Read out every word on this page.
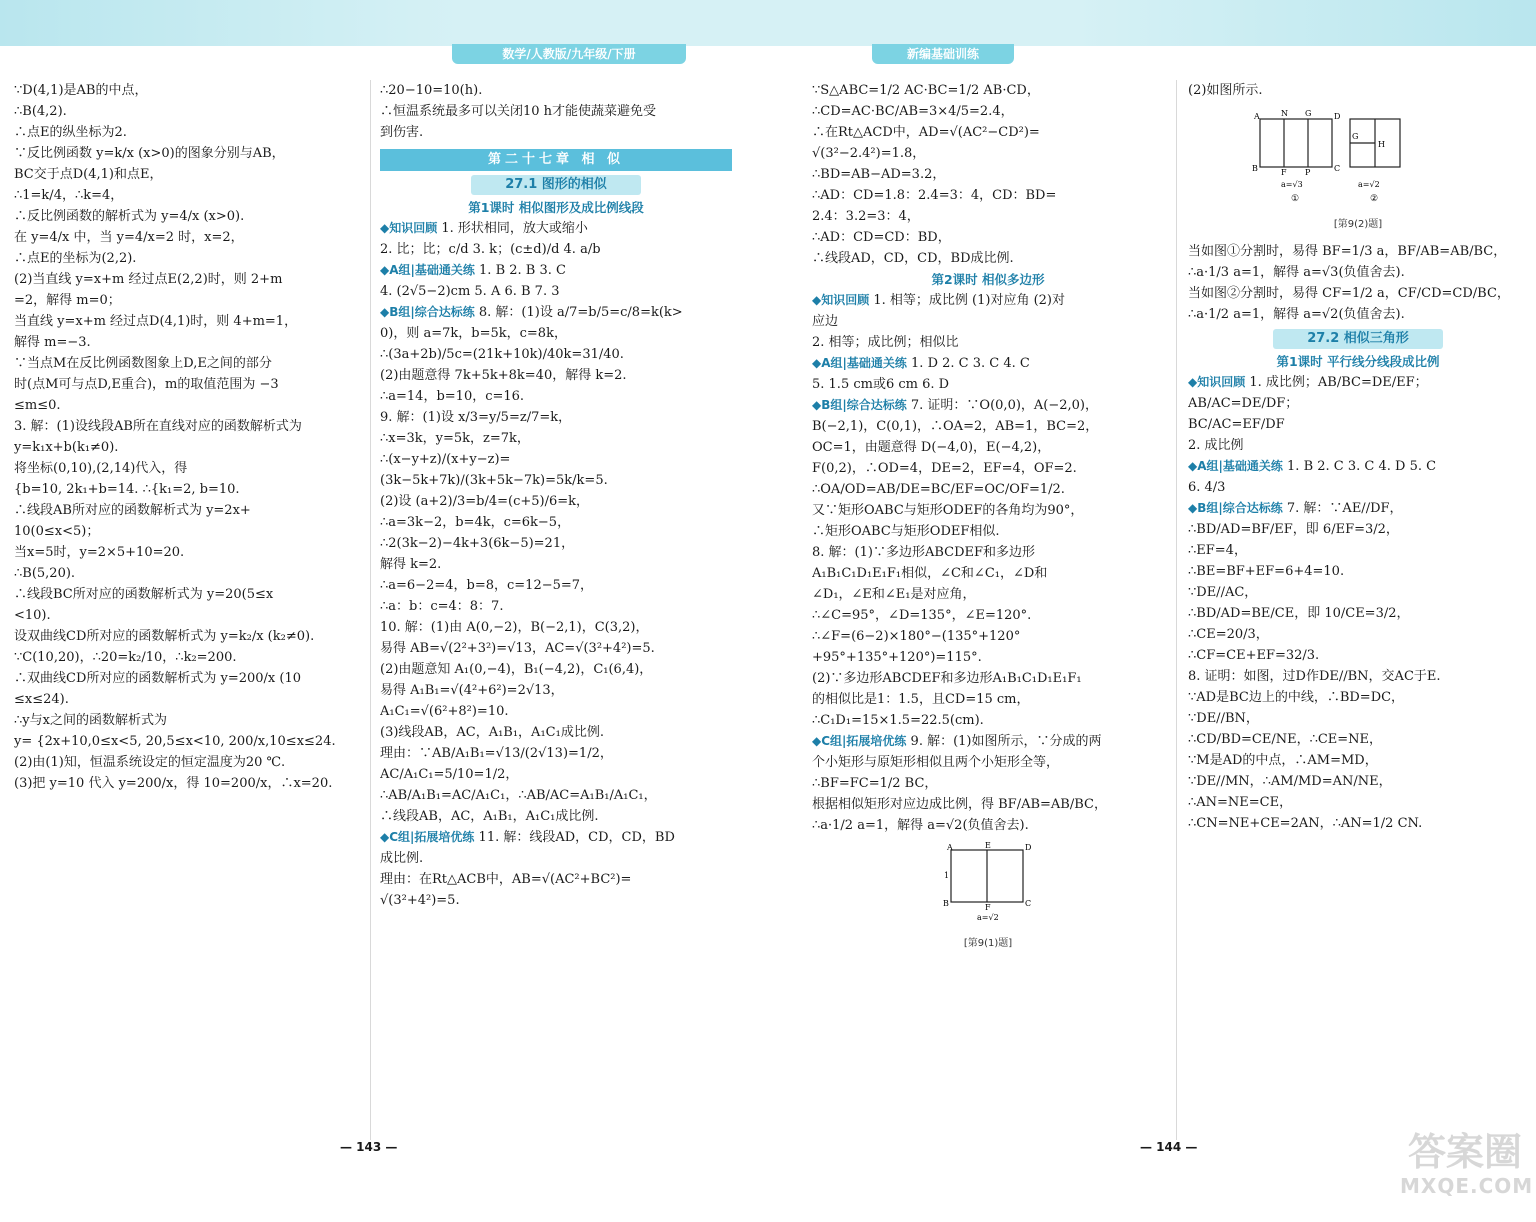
数学/人教版/九年级/下册	新编基础训练

∵D(4,1)是AB的中点，

∴B(4,2).

∴点E的纵坐标为2.

∵反比例函数 y=k/x (x>0)的图象分别与AB，

BC交于点D(4,1)和点E，

∴1=k/4，∴k=4，

∴反比例函数的解析式为 y=4/x (x>0).

在 y=4/x 中，当 y=4/x=2 时，x=2，

∴点E的坐标为(2,2).

(2)当直线 y=x+m 经过点E(2,2)时，则 2+m

=2，解得 m=0；

当直线 y=x+m 经过点D(4,1)时，则 4+m=1，

解得 m=−3.

∵当点M在反比例函数图象上D,E之间的部分

时(点M可与点D,E重合)，m的取值范围为 −3

≤m≤0.

3. 解：(1)设线段AB所在直线对应的函数解析式为

y=k₁x+b(k₁≠0).

将坐标(0,10),(2,14)代入，得

{b=10, 2k₁+b=14. ∴{k₁=2, b=10.

∴线段AB所对应的函数解析式为 y=2x+

10(0≤x<5)；

当x=5时，y=2×5+10=20.

∴B(5,20).

∴线段BC所对应的函数解析式为 y=20(5≤x

<10).

设双曲线CD所对应的函数解析式为 y=k₂/x (k₂≠0).

∵C(10,20)，∴20=k₂/10，∴k₂=200.

∴双曲线CD所对应的函数解析式为 y=200/x (10

≤x≤24).

∴y与x之间的函数解析式为

y= {2x+10,0≤x<5, 20,5≤x<10, 200/x,10≤x≤24.

(2)由(1)知，恒温系统设定的恒定温度为20 ℃.

(3)把 y=10 代入 y=200/x，得 10=200/x，∴x=20.

∴20−10=10(h).

∴恒温系统最多可以关闭10 h才能使蔬菜避免受

到伤害.

第二十七章 相 似
27.1 图形的相似
第1课时 相似图形及成比例线段

◆知识回顾 1. 形状相同，放大或缩小

2. 比；比；c/d 3. k；(c±d)/d 4. a/b

◆A组|基础通关练 1. B 2. B 3. C

4. (2√5−2)cm 5. A 6. B 7. 3

◆B组|综合达标练 8. 解：(1)设 a/7=b/5=c/8=k(k>

0)，则 a=7k，b=5k，c=8k，

∴(3a+2b)/5c=(21k+10k)/40k=31/40.

(2)由题意得 7k+5k+8k=40，解得 k=2.

∴a=14，b=10，c=16.

9. 解：(1)设 x/3=y/5=z/7=k，

∴x=3k，y=5k，z=7k，

∴(x−y+z)/(x+y−z)=(3k−5k+7k)/(3k+5k−7k)=5k/k=5.

(2)设 (a+2)/3=b/4=(c+5)/6=k，

∴a=3k−2，b=4k，c=6k−5，

∴2(3k−2)−4k+3(6k−5)=21，

解得 k=2.

∴a=6−2=4，b=8，c=12−5=7，

∴a：b：c=4：8：7.

10. 解：(1)由 A(0,−2)，B(−2,1)，C(3,2)，

易得 AB=√(2²+3²)=√13，AC=√(3²+4²)=5.

(2)由题意知 A₁(0,−4)，B₁(−4,2)，C₁(6,4)，

易得 A₁B₁=√(4²+6²)=2√13，

A₁C₁=√(6²+8²)=10.

(3)线段AB，AC，A₁B₁，A₁C₁成比例.

理由：∵AB/A₁B₁=√13/(2√13)=1/2，AC/A₁C₁=5/10=1/2，

∴AB/A₁B₁=AC/A₁C₁，∴AB/AC=A₁B₁/A₁C₁，

∴线段AB，AC，A₁B₁，A₁C₁成比例.

◆C组|拓展培优练 11. 解：线段AD，CD，CD，BD

成比例.

理由：在Rt△ACB中，AB=√(AC²+BC²)=

√(3²+4²)=5.

∵S△ABC=1/2 AC·BC=1/2 AB·CD，

∴CD=AC·BC/AB=3×4/5=2.4，

∴在Rt△ACD中，AD=√(AC²−CD²)=

√(3²−2.4²)=1.8，

∴BD=AB−AD=3.2，

∴AD：CD=1.8：2.4=3：4，CD：BD=

2.4：3.2=3：4，

∴AD：CD=CD：BD，

∴线段AD，CD，CD，BD成比例.

第2课时 相似多边形

◆知识回顾 1. 相等；成比例 (1)对应角 (2)对

应边

2. 相等；成比例；相似比

◆A组|基础通关练 1. D 2. C 3. C 4. C

5. 1.5 cm或6 cm 6. D

◆B组|综合达标练 7. 证明：∵O(0,0)，A(−2,0)，

B(−2,1)，C(0,1)，∴OA=2，AB=1，BC=2，

OC=1，由题意得 D(−4,0)，E(−4,2)，

F(0,2)，∴OD=4，DE=2，EF=4，OF=2.

∴OA/OD=AB/DE=BC/EF=OC/OF=1/2.

又∵矩形OABC与矩形ODEF的各角均为90°，

∴矩形OABC与矩形ODEF相似.

8. 解：(1)∵多边形ABCDEF和多边形

A₁B₁C₁D₁E₁F₁相似，∠C和∠C₁，∠D和

∠D₁，∠E和∠E₁是对应角，

∴∠C=95°，∠D=135°，∠E=120°.

∴∠F=(6−2)×180°−(135°+120°

+95°+135°+120°)=115°.

(2)∵多边形ABCDEF和多边形A₁B₁C₁D₁E₁F₁

的相似比是1：1.5，且CD=15 cm，

∴C₁D₁=15×1.5=22.5(cm).

◆C组|拓展培优练 9. 解：(1)如图所示，∵分成的两

个小矩形与原矩形相似且两个小矩形全等，

∴BF=FC=1/2 BC，

根据相似矩形对应边成比例，得 BF/AB=AB/BC，

∴a·1/2 a=1，解得 a=√2(负值舍去).

A	E	D
B	F	C
1
a=√2
[第9(1)题]

(2)如图所示.

A	N G	D
B	F P	C
a=√3
①
G
H
a=√2
②
[第9(2)题]

当如图①分割时，易得 BF=1/3 a，BF/AB=AB/BC，

∴a·1/3 a=1，解得 a=√3(负值舍去).

当如图②分割时，易得 CF=1/2 a，CF/CD=CD/BC，

∴a·1/2 a=1，解得 a=√2(负值舍去).

27.2 相似三角形
第1课时 平行线分线段成比例

◆知识回顾 1. 成比例；AB/BC=DE/EF；AB/AC=DE/DF；

BC/AC=EF/DF

2. 成比例

◆A组|基础通关练 1. B 2. C 3. C 4. D 5. C

6. 4/3

◆B组|综合达标练 7. 解：∵AE//DF，

∴BD/AD=BF/EF，即 6/EF=3/2，

∴EF=4，

∴BE=BF+EF=6+4=10.

∵DE//AC，

∴BD/AD=BE/CE，即 10/CE=3/2，

∴CE=20/3，

∴CF=CE+EF=32/3.

8. 证明：如图，过D作DE//BN，交AC于E.

∵AD是BC边上的中线，∴BD=DC，

∵DE//BN，

∴CD/BD=CE/NE，∴CE=NE，

∵M是AD的中点，∴AM=MD，

∵DE//MN，∴AM/MD=AN/NE，

∴AN=NE=CE，

∴CN=NE+CE=2AN，∴AN=1/2 CN.

— 143 —	— 144 —	答案圈
MXQE.COM
